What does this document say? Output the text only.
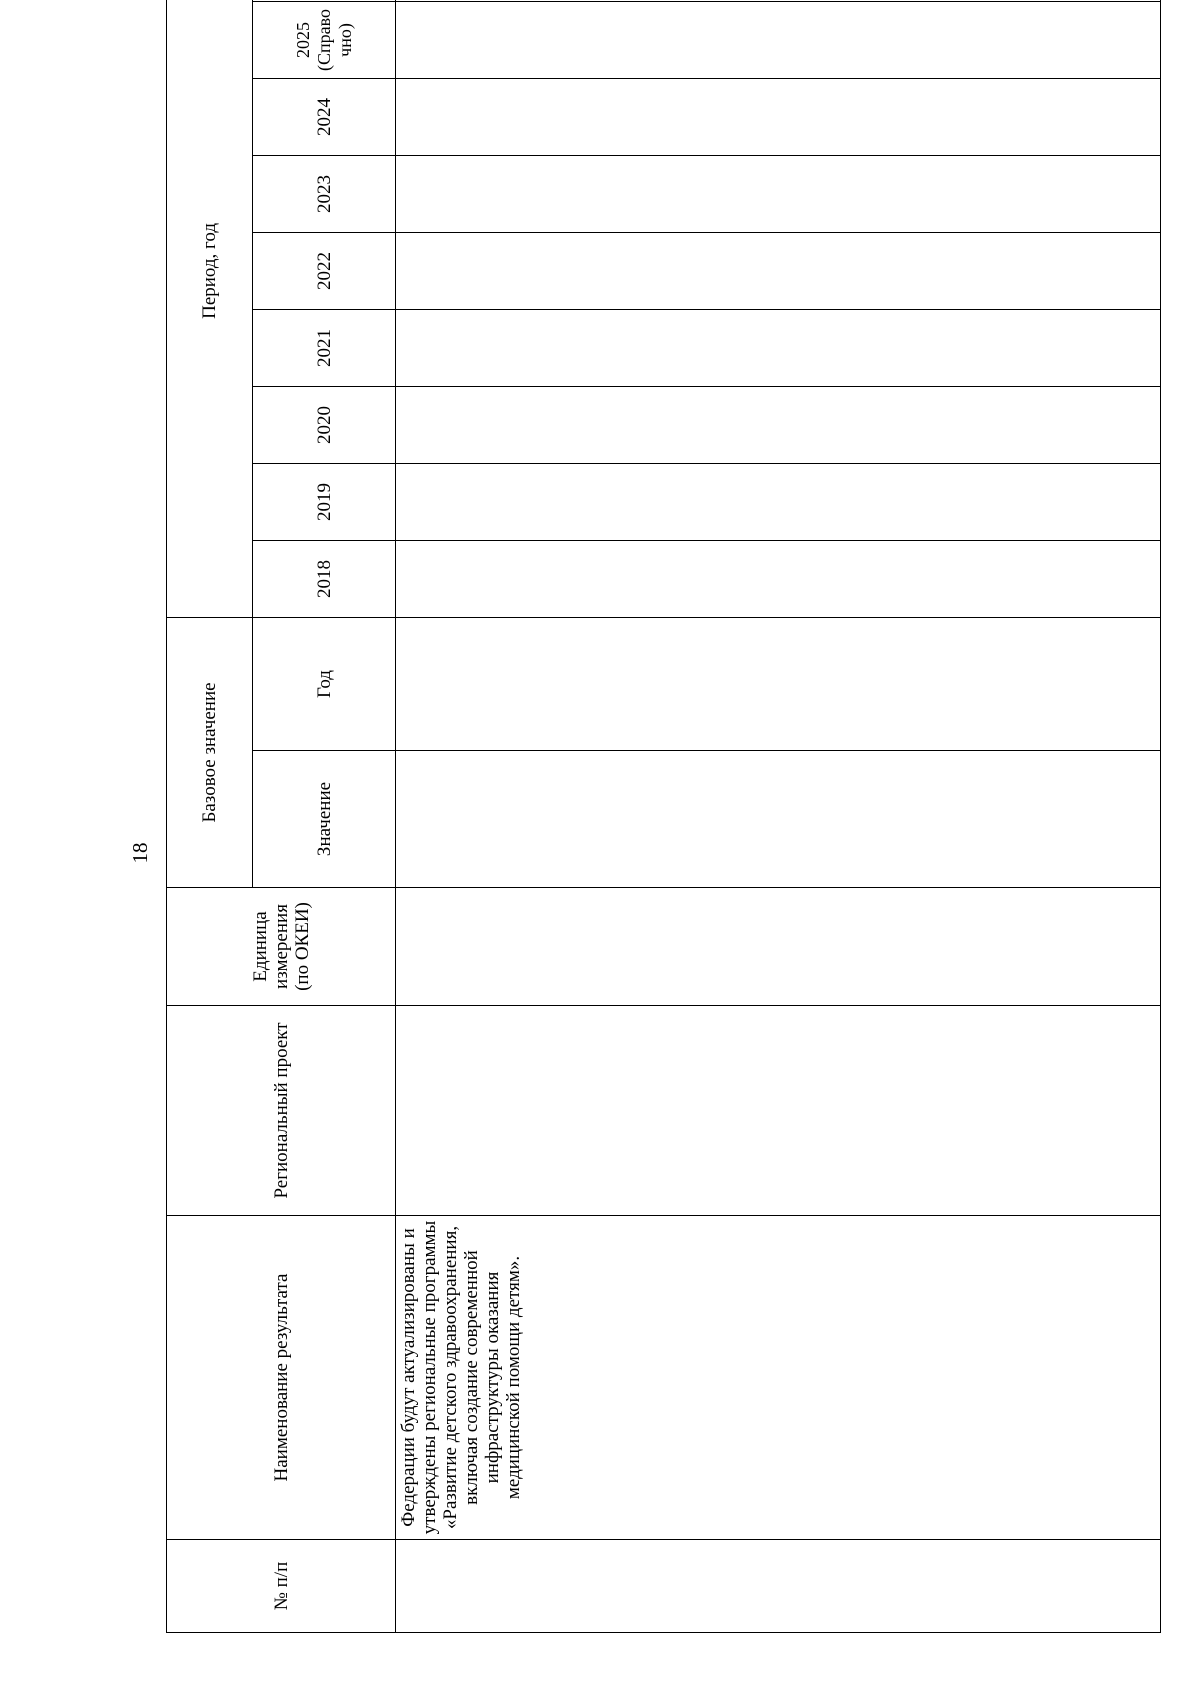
18
№ п/п	Наименование результата	Региональный проект	Единица измерения (по ОКЕИ)	Базовое значение		Период, год		
				Значение	Год	2018	2019	2020	2021	2022	2023	2024	2025 (Справочно)	
	Федерации будут актуализированы и утверждены региональные программы «Развитие детского здравоохранения, включая создание современной инфраструктуры оказания медицинской помощи детям».															
